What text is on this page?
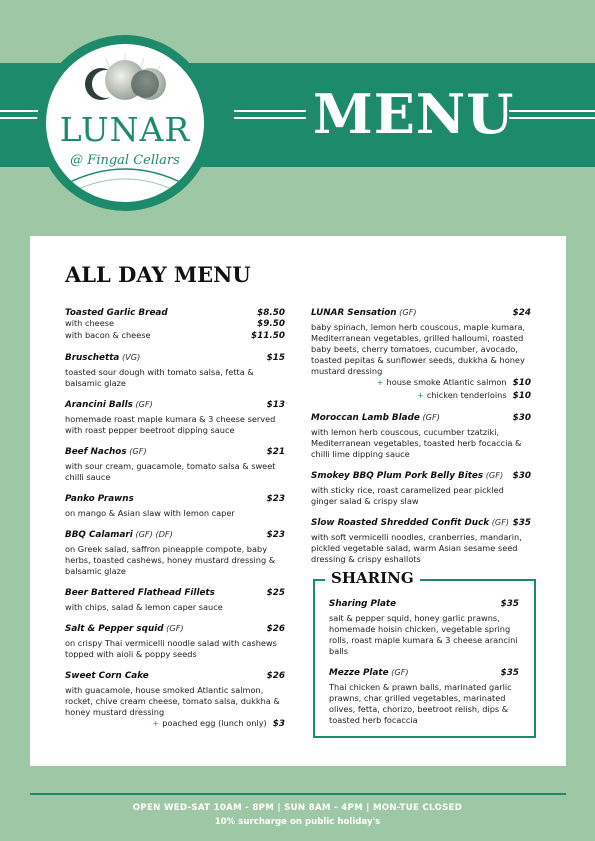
LUNAR
@ Fingal Cellars
MENU
ALL DAY MENU
Toasted Garlic Bread	$8.50
with cheese	$9.50
with bacon & cheese	$11.50
Bruschetta (VG)	$15
toasted sour dough with tomato salsa, fetta & balsamic glaze
Arancini Balls (GF)	$13
homemade roast maple kumara & 3 cheese served with roast pepper beetroot dipping sauce
Beef Nachos (GF)	$21
with sour cream, guacamole, tomato salsa & sweet chilli sauce
Panko Prawns	$23
on mango & Asian slaw with lemon caper
BBQ Calamari (GF) (DF)	$23
on Greek salad, saffron pineapple compote, baby herbs, toasted cashews, honey mustard dressing & balsamic glaze
Beer Battered Flathead Fillets	$25
with chips, salad & lemon caper sauce
Salt & Pepper squid (GF)	$26
on crispy Thai vermicelli noodle salad with cashews topped with aioli & poppy seeds
Sweet Corn Cake	$26
with guacamole, house smoked Atlantic salmon, rocket, chive cream cheese, tomato salsa, dukkha & honey mustard dressing
+ poached egg (lunch only) $3
LUNAR Sensation (GF)	$24
baby spinach, lemon herb couscous, maple kumara, Mediterranean vegetables, grilled halloumi, roasted baby beets, cherry tomatoes, cucumber, avocado, toasted pepitas & sunflower seeds, dukkha & honey mustard dressing
+ house smoke Atlantic salmon $10
+ chicken tenderloins $10
Moroccan Lamb Blade (GF)	$30
with lemon herb couscous, cucumber tzatziki, Mediterranean vegetables, toasted herb focaccia & chilli lime dipping sauce
Smokey BBQ Plum Pork Belly Bites (GF) $30
with sticky rice, roast caramelized pear pickled ginger salad & crispy slaw
Slow Roasted Shredded Confit Duck (GF) $35
with soft vermicelli noodles, cranberries, mandarin, pickled vegetable salad, warm Asian sesame seed dressing & crispy eshallots
SHARING
Sharing Plate	$35
salt & pepper squid, honey garlic prawns, homemade hoisin chicken, vegetable spring rolls, roast maple kumara & 3 cheese arancini balls
Mezze Plate (GF)	$35
Thai chicken & prawn balls, marinated garlic prawns, char grilled vegetables, marinated olives, fetta, chorizo, beetroot relish, dips & toasted herb focaccia
OPEN WED-SAT 10AM - 8PM | SUN 8AM - 4PM | MON-TUE CLOSED
10% surcharge on public holiday's
